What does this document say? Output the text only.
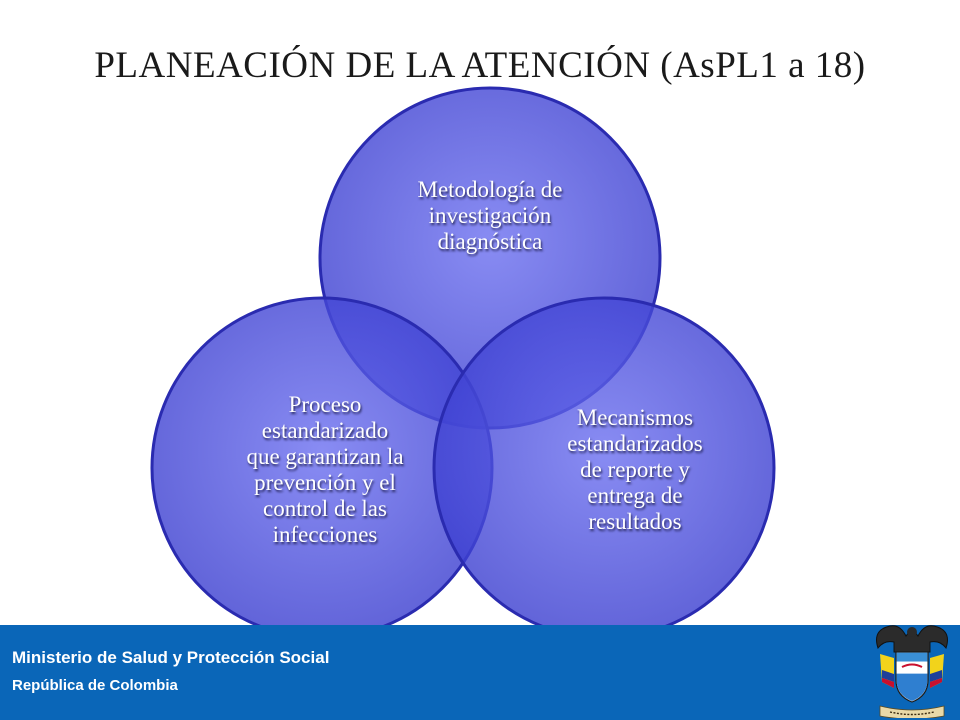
PLANEACIÓN DE LA ATENCIÓN (AsPL1 a 18)
Metodología de
investigación
diagnóstica
Proceso
estandarizado
que garantizan la
prevención y el
control de las
infecciones
Mecanismos
estandarizados
de reporte y
entrega de
resultados
Ministerio de Salud y Protección Social
República de Colombia
